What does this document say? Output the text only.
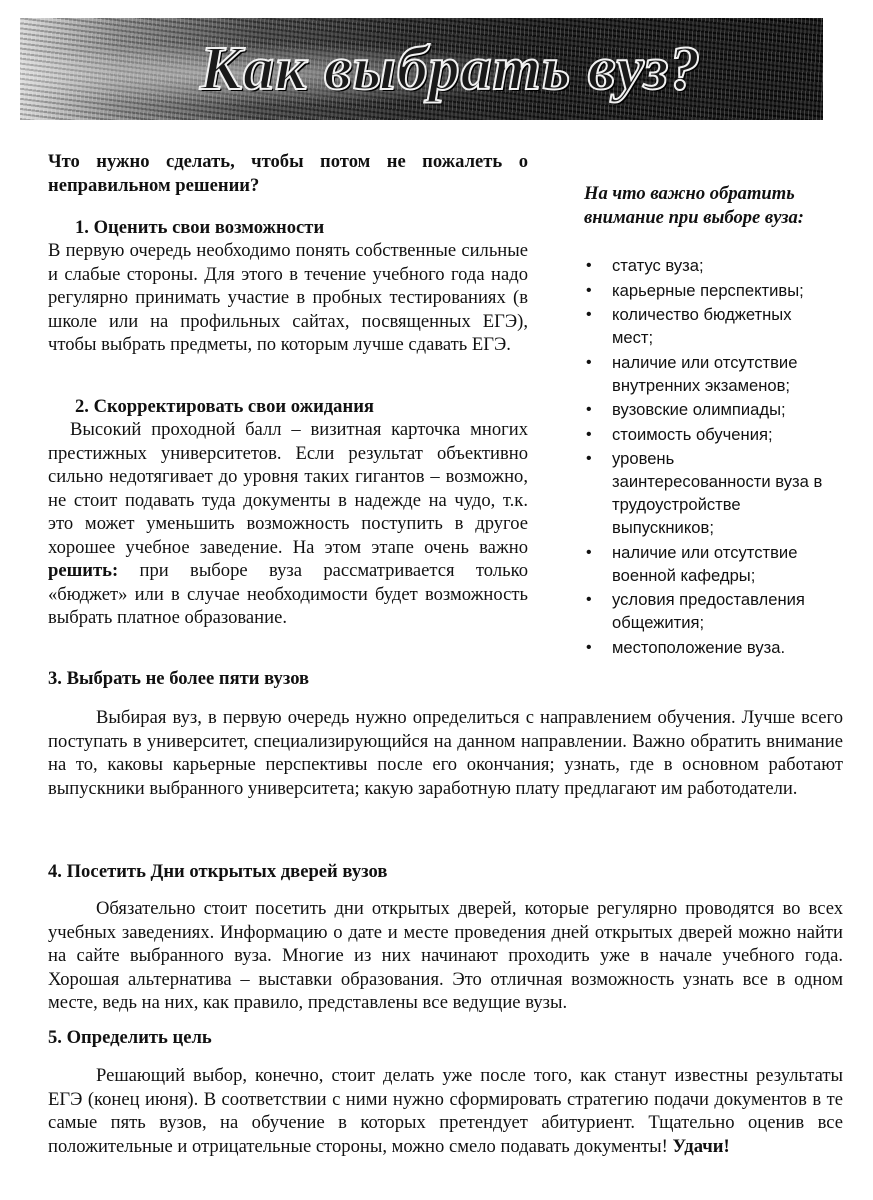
Как выбрать вуз?
Что нужно сделать, чтобы потом не пожалеть о неправильном решении?
1. Оценить свои возможности
В первую очередь необходимо понять собственные сильные и слабые стороны. Для этого в течение учебного года надо регулярно принимать участие в пробных тестированиях (в школе или на профильных сайтах, посвященных ЕГЭ), чтобы выбрать предметы, по которым лучше сдавать ЕГЭ.
2. Скорректировать свои ожидания
Высокий проходной балл – визитная карточка многих престижных университетов. Если результат объективно сильно недотягивает до уровня таких гигантов – возможно, не стоит подавать туда документы в надежде на чудо, т.к. это может уменьшить возможность поступить в другое хорошее учебное заведение. На этом этапе очень важно решить: при выборе вуза рассматривается только «бюджет» или в случае необходимости будет возможность выбрать платное образование.
На что важно обратить внимание при выборе вуза:
• статус вуза;
• карьерные перспективы;
• количество бюджетных мест;
• наличие или отсутствие внутренних экзаменов;
• вузовские олимпиады;
• стоимость обучения;
• уровень заинтересованности вуза в трудоустройстве выпускников;
• наличие или отсутствие военной кафедры;
• условия предоставления общежития;
• местоположение вуза.
3. Выбрать не более пяти вузов
Выбирая вуз, в первую очередь нужно определиться с направлением обучения. Лучше всего поступать в университет, специализирующийся на данном направлении. Важно обратить внимание на то, каковы карьерные перспективы после его окончания; узнать, где в основном работают выпускники выбранного университета; какую заработную плату предлагают им работодатели.
4. Посетить Дни открытых дверей вузов
Обязательно стоит посетить дни открытых дверей, которые регулярно проводятся во всех учебных заведениях. Информацию о дате и месте проведения дней открытых дверей можно найти на сайте выбранного вуза. Многие из них начинают проходить уже в начале учебного года. Хорошая альтернатива – выставки образования. Это отличная возможность узнать все в одном месте, ведь на них, как правило, представлены все ведущие вузы.
5. Определить цель
Решающий выбор, конечно, стоит делать уже после того, как станут известны результаты ЕГЭ (конец июня). В соответствии с ними нужно сформировать стратегию подачи документов в те самые пять вузов, на обучение в которых претендует абитуриент. Тщательно оценив все положительные и отрицательные стороны, можно смело подавать документы! Удачи!
